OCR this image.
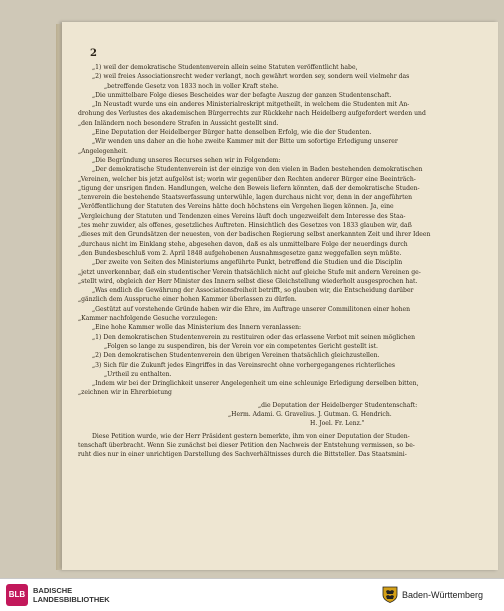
2
„1) weil der demokratische Studentenverein allein seine Statuten veröffentlicht habe,
„2) weil freies Associationsrecht weder verlangt, noch gewährt worden sey, sondern weil vielmehr das
„betreffende Gesetz von 1833 noch in voller Kraft stehe.
„Die unmittelbare Folge dieses Bescheides war der befagte Auszug der ganzen Studentenschaft.
„In Neustadt wurde uns ein anderes Ministerialreskript mitgetheilt, in welchem die Studenten mit An-
drohung des Verlustes des akademischen Bürgerrechts zur Rückkehr nach Heidelberg aufgefordert werden und
„den Inländern noch besondere Strafen in Aussicht gestellt sind.
„Eine Deputation der Heidelberger Bürger hatte denselben Erfolg, wie die der Studenten.
„Wir wenden uns daher an die hohe zweite Kammer mit der Bitte um sofortige Erledigung unserer
„Angelegenheit.
„Die Begründung unseres Recurses sehen wir in Folgendem:
„Der demokratische Studentenverein ist der einzige von den vielen in Baden bestehenden demokratischen
„Vereinen, welcher bis jetzt aufgelöst ist; worin wir gegenüber den Rechten anderer Bürger eine Beeinträch-
„tigung der unsrigen finden. Handlungen, welche den Beweis liefern könnten, daß der demokratische Studen-
„tenverein die bestehende Staatsverfassung unterwühle, lagen durchaus nicht vor, denn in der angeführten
„Veröffentlichung der Statuten des Vereins hätte doch höchstens ein Vergehen liegen können. Ja, eine
„Vergleichung der Statuten und Tendenzen eines Vereins läuft doch ungezweifelt dem Interesse des Staa-
„tes mehr zuwider, als offenes, gesetzliches Auftreten. Hinsichtlich des Gesetzes von 1833 glauben wir, daß
„dieses mit den Grundsätzen der neuesten, von der badischen Regierung selbst anerkannten Zeit und ihrer Ideen
„durchaus nicht im Einklang stehe, abgesehen davon, daß es als unmittelbare Folge der neuerdings durch
„den Bundesbeschluß vom 2. April 1848 aufgehobenen Ausnahmsgesetze ganz weggefallen seyn müßte.
„Der zweite von Seiten des Ministeriums angeführte Punkt, betreffend die Studien und die Disciplin
„jetzt unverkennbar, daß ein studentischer Verein thatsächlich nicht auf gleiche Stufe mit andern Vereinen ge-
„stellt wird, obgleich der Herr Minister des Innern selbst diese Gleichstellung wiederholt ausgesprochen hat.
„Was endlich die Gewährung der Associationsfreiheit betrifft, so glauben wir, die Entscheidung darüber
„gänzlich dem Ausspruche einer hohen Kammer überlassen zu dürfen.
„Gestützt auf vorstehende Gründe haben wir die Ehre, im Auftrage unserer Commilitonen einer hohen
„Kammer nachfolgende Gesuche vorzulegen:
„Eine hohe Kammer wolle das Ministerium des Innern veranlassen:
„1) Den demokratischen Studentenverein zu restituiren oder das erlassene Verbot mit seinen möglichen
„Folgen so lange zu suspendiren, bis der Verein vor ein competentes Gericht gestellt ist.
„2) Den demokratischen Studentenverein den übrigen Vereinen thatsächlich gleichzustellen.
„3) Sich für die Zukunft jedes Eingriffes in das Vereinsrecht ohne vorhergegangenes richterliches
„Urtheil zu enthalten.
„Indem wir bei der Dringlichkeit unserer Angelegenheit um eine schleunige Erledigung derselben bitten,
„zeichnen wir in Ehrerbietung
„die Deputation der Heidelberger Studentenschaft:
„Herm. Adami. G. Gravelius. J. Gutman. G. Hendrich.
H. Joel. Fr. Lenz."
Diese Petition wurde, wie der Herr Präsident gestern bemerkte, ihm von einer Deputation der Studen-
tenschaft überbracht. Wenn Sie zunächst bei dieser Petition den Nachweis der Entstehung vermissen, so be-
ruht dies nur in einer unrichtigen Darstellung des Sachverhältnisses durch die Bittsteller. Das Staatsmini-
BLB	BADISCHE
LANDESBIBLIOTHEK	Baden-Württemberg
